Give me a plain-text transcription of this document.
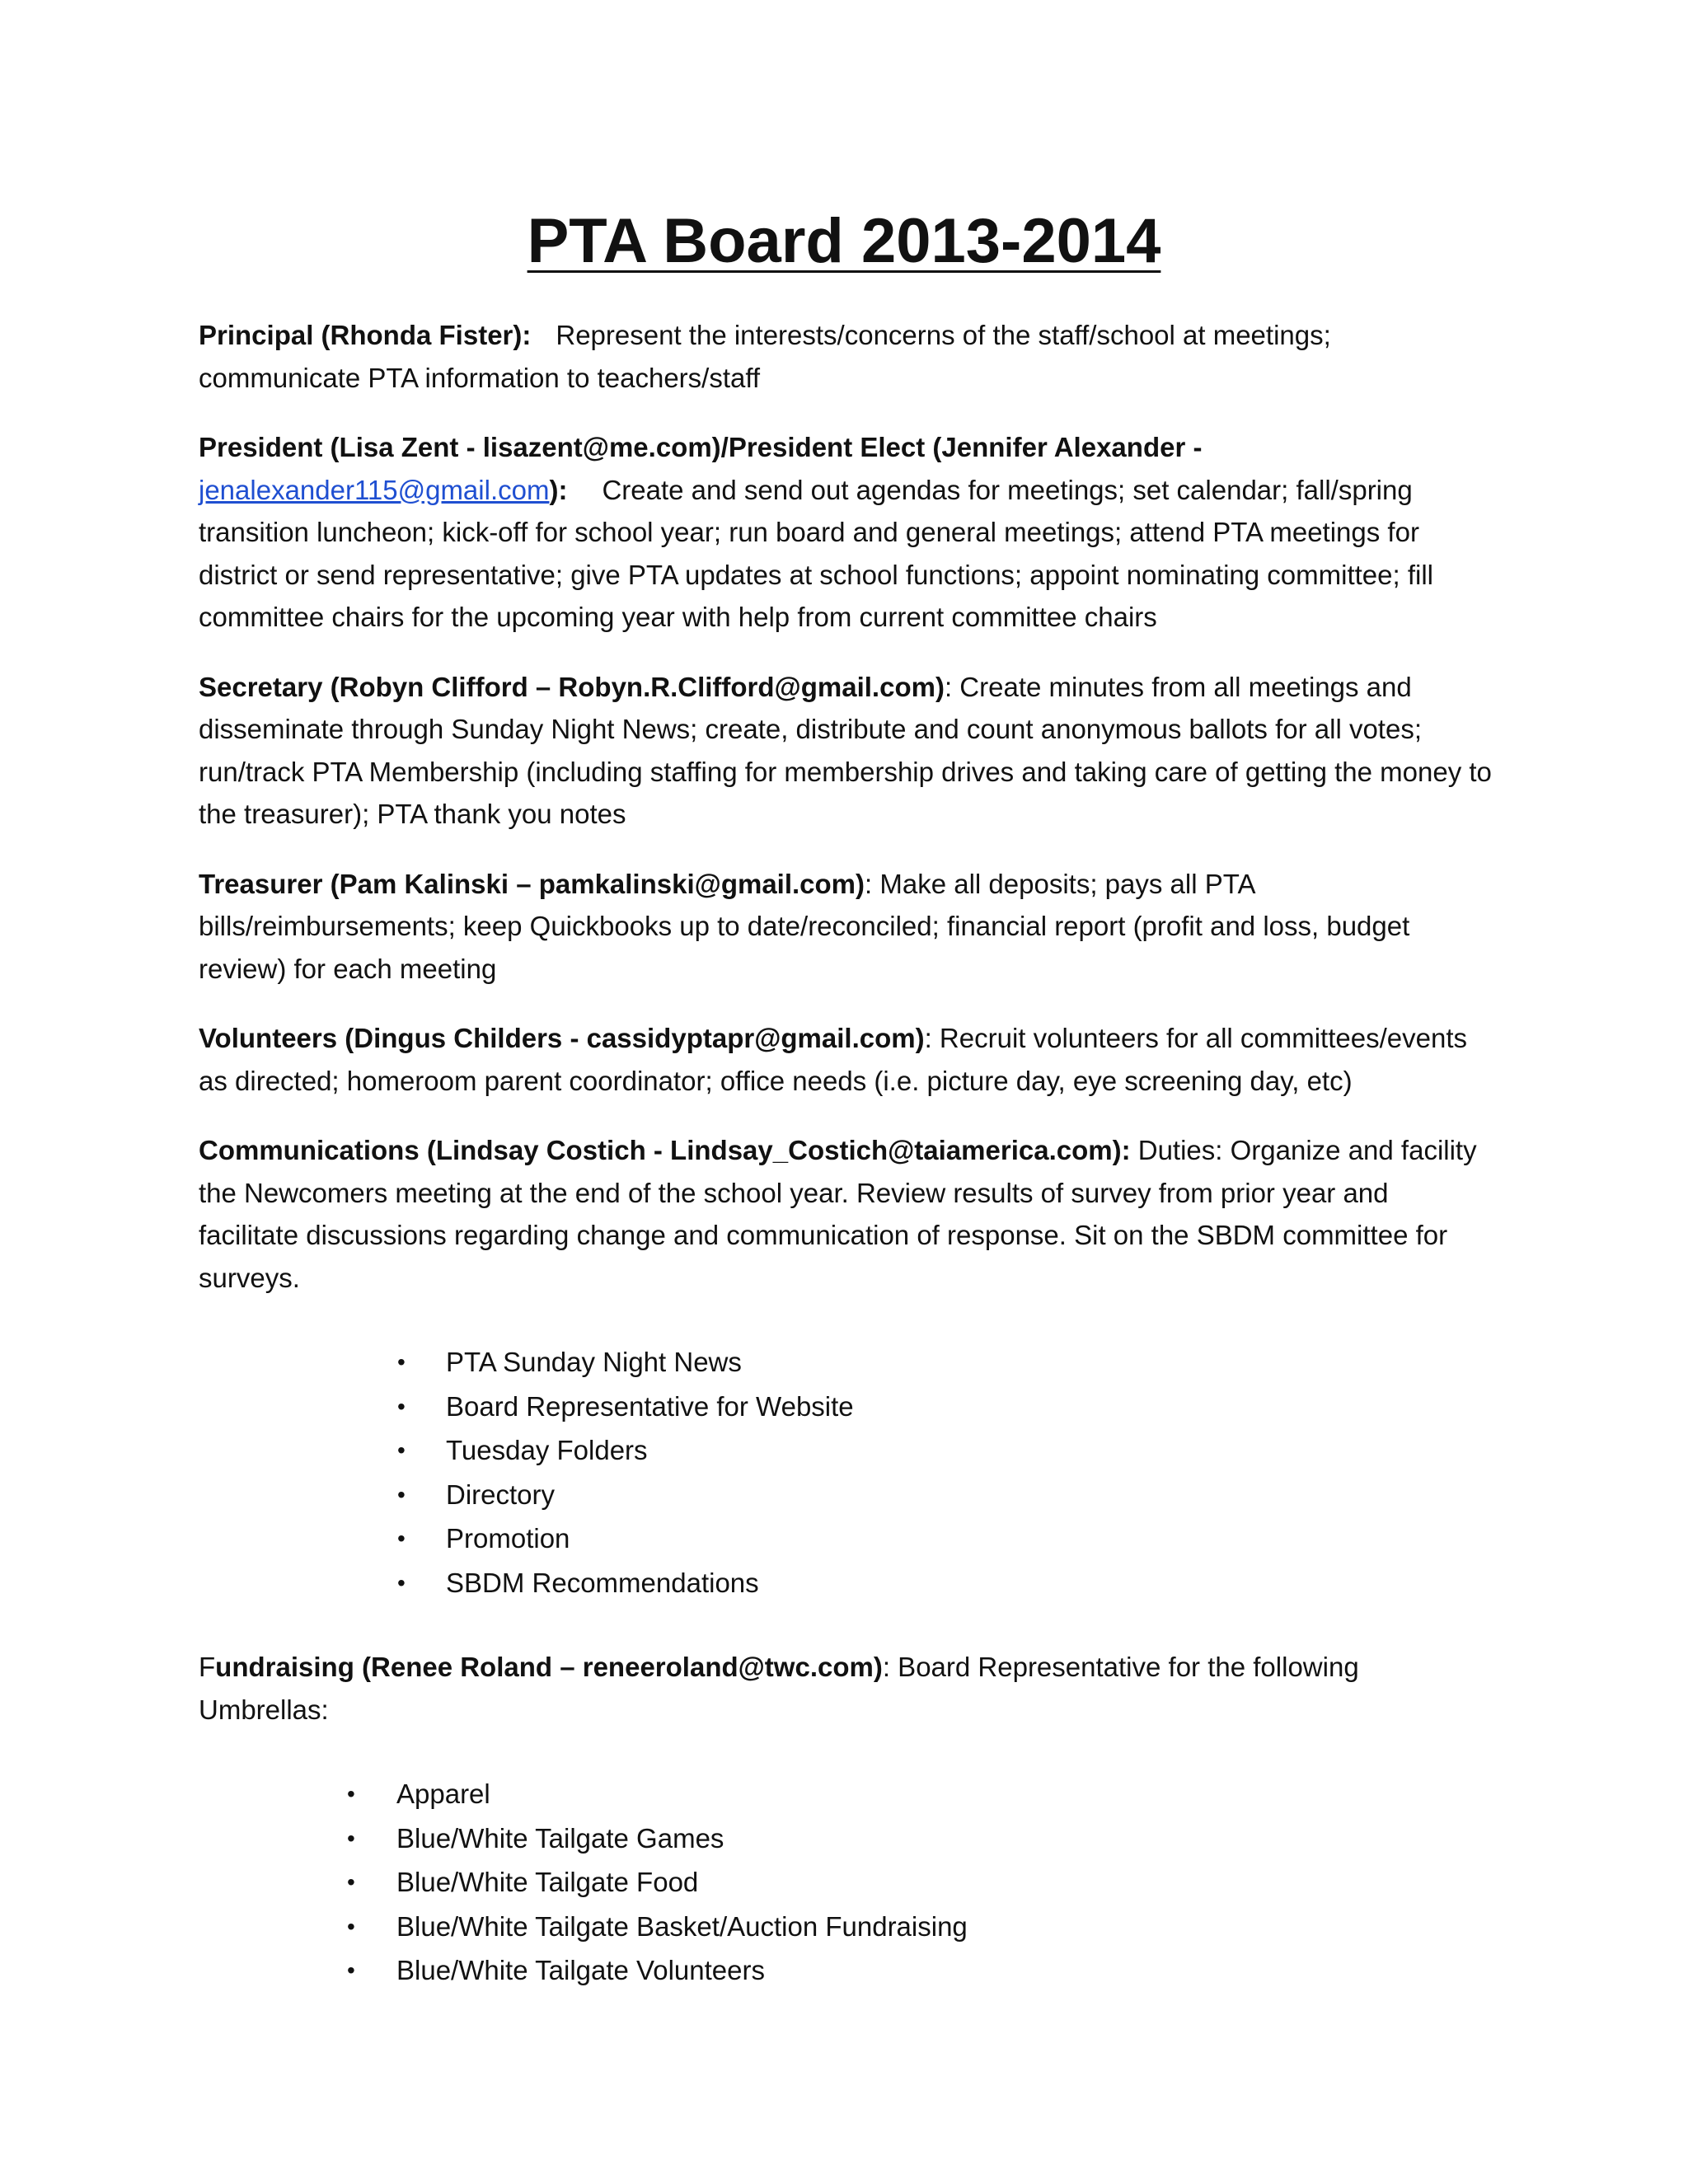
PTA Board 2013-2014

Principal (Rhonda Fister): Represent the interests/concerns of the staff/school at meetings; communicate PTA information to teachers/staff

President (Lisa Zent - lisazent@me.com)/President Elect (Jennifer Alexander -
jenalexander115@gmail.com): Create and send out agendas for meetings; set calendar; fall/spring transition luncheon; kick-off for school year; run board and general meetings; attend PTA meetings for district or send representative; give PTA updates at school functions; appoint nominating committee; fill committee chairs for the upcoming year with help from current committee chairs

Secretary (Robyn Clifford – Robyn.R.Clifford@gmail.com): Create minutes from all meetings and disseminate through Sunday Night News; create, distribute and count anonymous ballots for all votes; run/track PTA Membership (including staffing for membership drives and taking care of getting the money to the treasurer); PTA thank you notes

Treasurer (Pam Kalinski – pamkalinski@gmail.com): Make all deposits; pays all PTA bills/reimbursements; keep Quickbooks up to date/reconciled; financial report (profit and loss, budget review) for each meeting

Volunteers (Dingus Childers - cassidyptapr@gmail.com): Recruit volunteers for all committees/events as directed; homeroom parent coordinator; office needs (i.e. picture day, eye screening day, etc)

Communications (Lindsay Costich - Lindsay_Costich@taiamerica.com): Duties: Organize and facility the Newcomers meeting at the end of the school year. Review results of survey from prior year and facilitate discussions regarding change and communication of response. Sit on the SBDM committee for surveys.

• PTA Sunday Night News
• Board Representative for Website
• Tuesday Folders
• Directory
• Promotion
• SBDM Recommendations

Fundraising (Renee Roland – reneeroland@twc.com): Board Representative for the following Umbrellas:

• Apparel
• Blue/White Tailgate Games
• Blue/White Tailgate Food
• Blue/White Tailgate Basket/Auction Fundraising
• Blue/White Tailgate Volunteers
